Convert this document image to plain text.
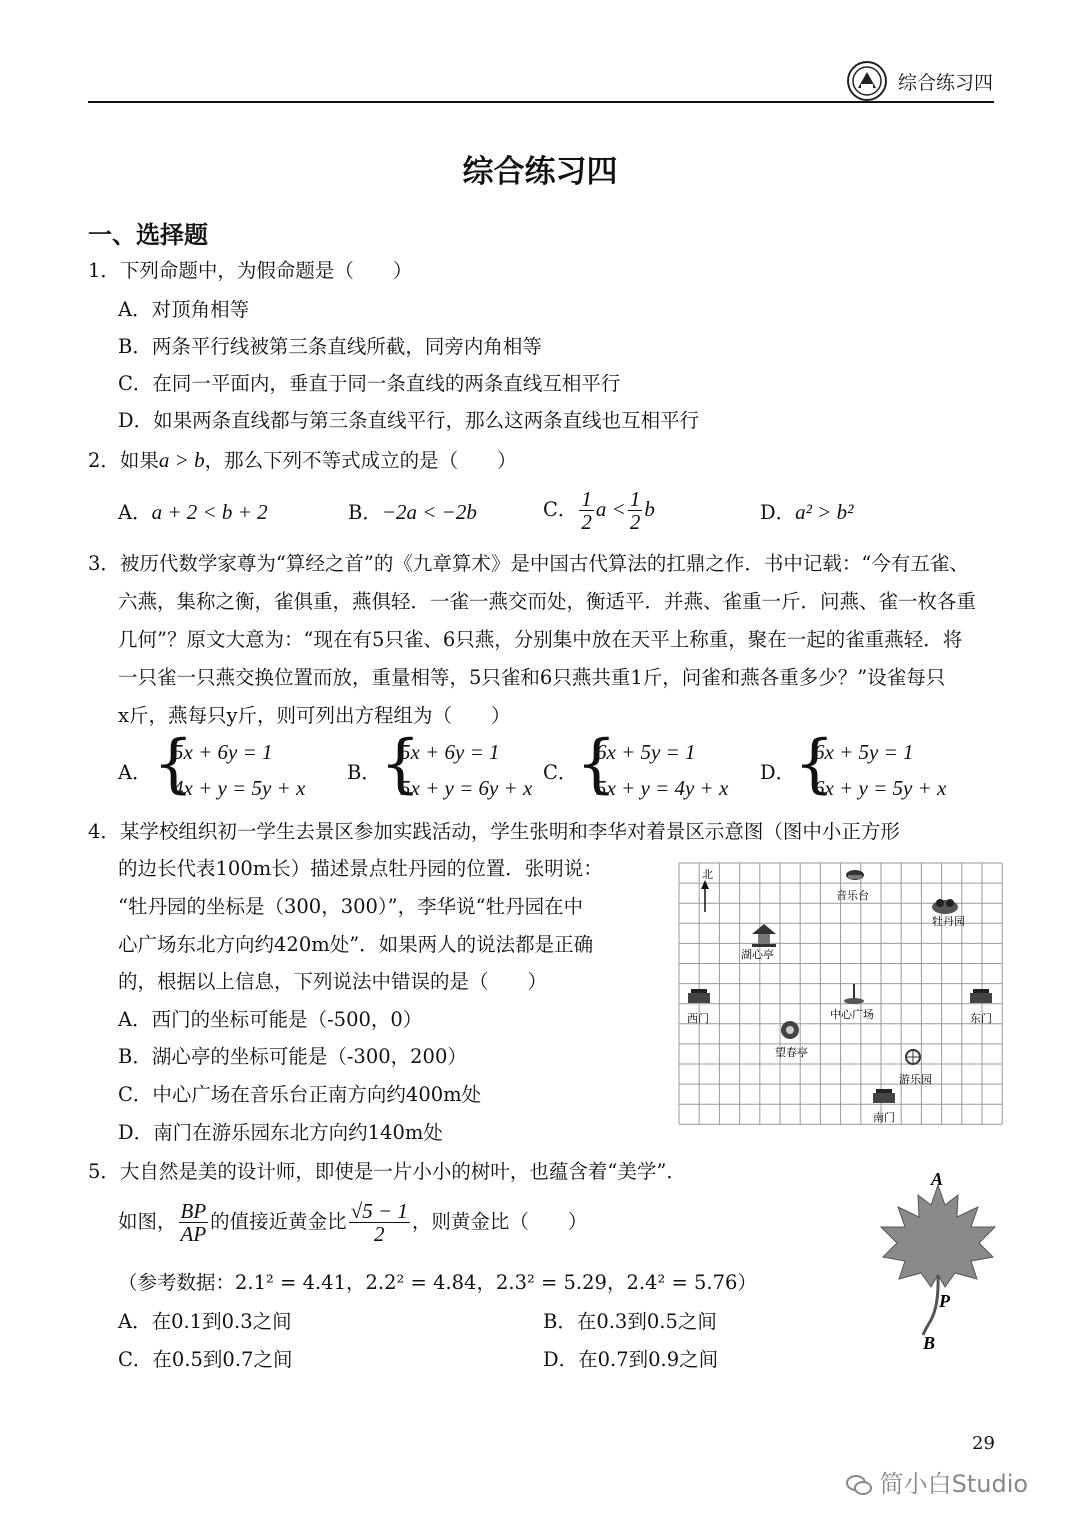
综合练习四
综合练习四
一、选择题
1．下列命题中，为假命题是（　　）
A．对顶角相等
B．两条平行线被第三条直线所截，同旁内角相等
C．在同一平面内，垂直于同一条直线的两条直线互相平行
D．如果两条直线都与第三条直线平行，那么这两条直线也互相平行
2．如果a > b，那么下列不等式成立的是（　　）
A．a + 2 < b + 2	B．−2a < −2b	C． $\frac{1}{2}$ $a < \frac{1}{2}$ b	D．a² > b²
3．被历代数学家尊为“算经之首”的《九章算术》是中国古代算法的扛鼎之作．书中记载：“今有五雀、
六燕，集称之衡，雀俱重，燕俱轻．一雀一燕交而处，衡适平．并燕、雀重一斤．问燕、雀一枚各重
几何”？原文大意为：“现在有5只雀、6只燕，分别集中放在天平上称重，聚在一起的雀重燕轻．将
一只雀一只燕交换位置而放，重量相等，5只雀和6只燕共重1斤，问雀和燕各重多少？”设雀每只
x斤，燕每只y斤，则可列出方程组为（　　）
A． {
5x + 6y = 1
4x + y = 5y + x
B． {
5x + 6y = 1
5x + y = 6y + x
C．
{
6x + 5y = 1
5x + y = 4y + x
D．
{
6x + 5y = 1
6x + y = 5y + x
4．某学校组织初一学生去景区参加实践活动，学生张明和李华对着景区示意图（图中小正方形
的边长代表100m长）描述景点牡丹园的位置．张明说：
“牡丹园的坐标是（300，300）”，李华说“牡丹园在中
心广场东北方向约420m处”．如果两人的说法都是正确
的，根据以上信息，下列说法中错误的是（　　）
A．西门的坐标可能是（-500，0）
B．湖心亭的坐标可能是（-300，200）
C．中心广场在音乐台正南方向约400m处
D．南门在游乐园东北方向约140m处
北
音乐台
牡丹园
湖心亭
西门	中心广场	东门
望春亭
游乐园
南门
5．大自然是美的设计师，即使是一片小小的树叶，也蕴含着“美学”．
如图， $\frac{BP}{AP}$ 的值接近黄金比 $\frac{√5 - 1}{2}$ ，则黄金比（　　）
（参考数据：2.1² = 4.41，2.2² = 4.84，2.3² = 5.29，2.4² = 5.76）
A．在0.1到0.3之间	B．在0.3到0.5之间
C．在0.5到0.7之间	D．在0.7到0.9之间
A
P
B
29
简小白Studio
